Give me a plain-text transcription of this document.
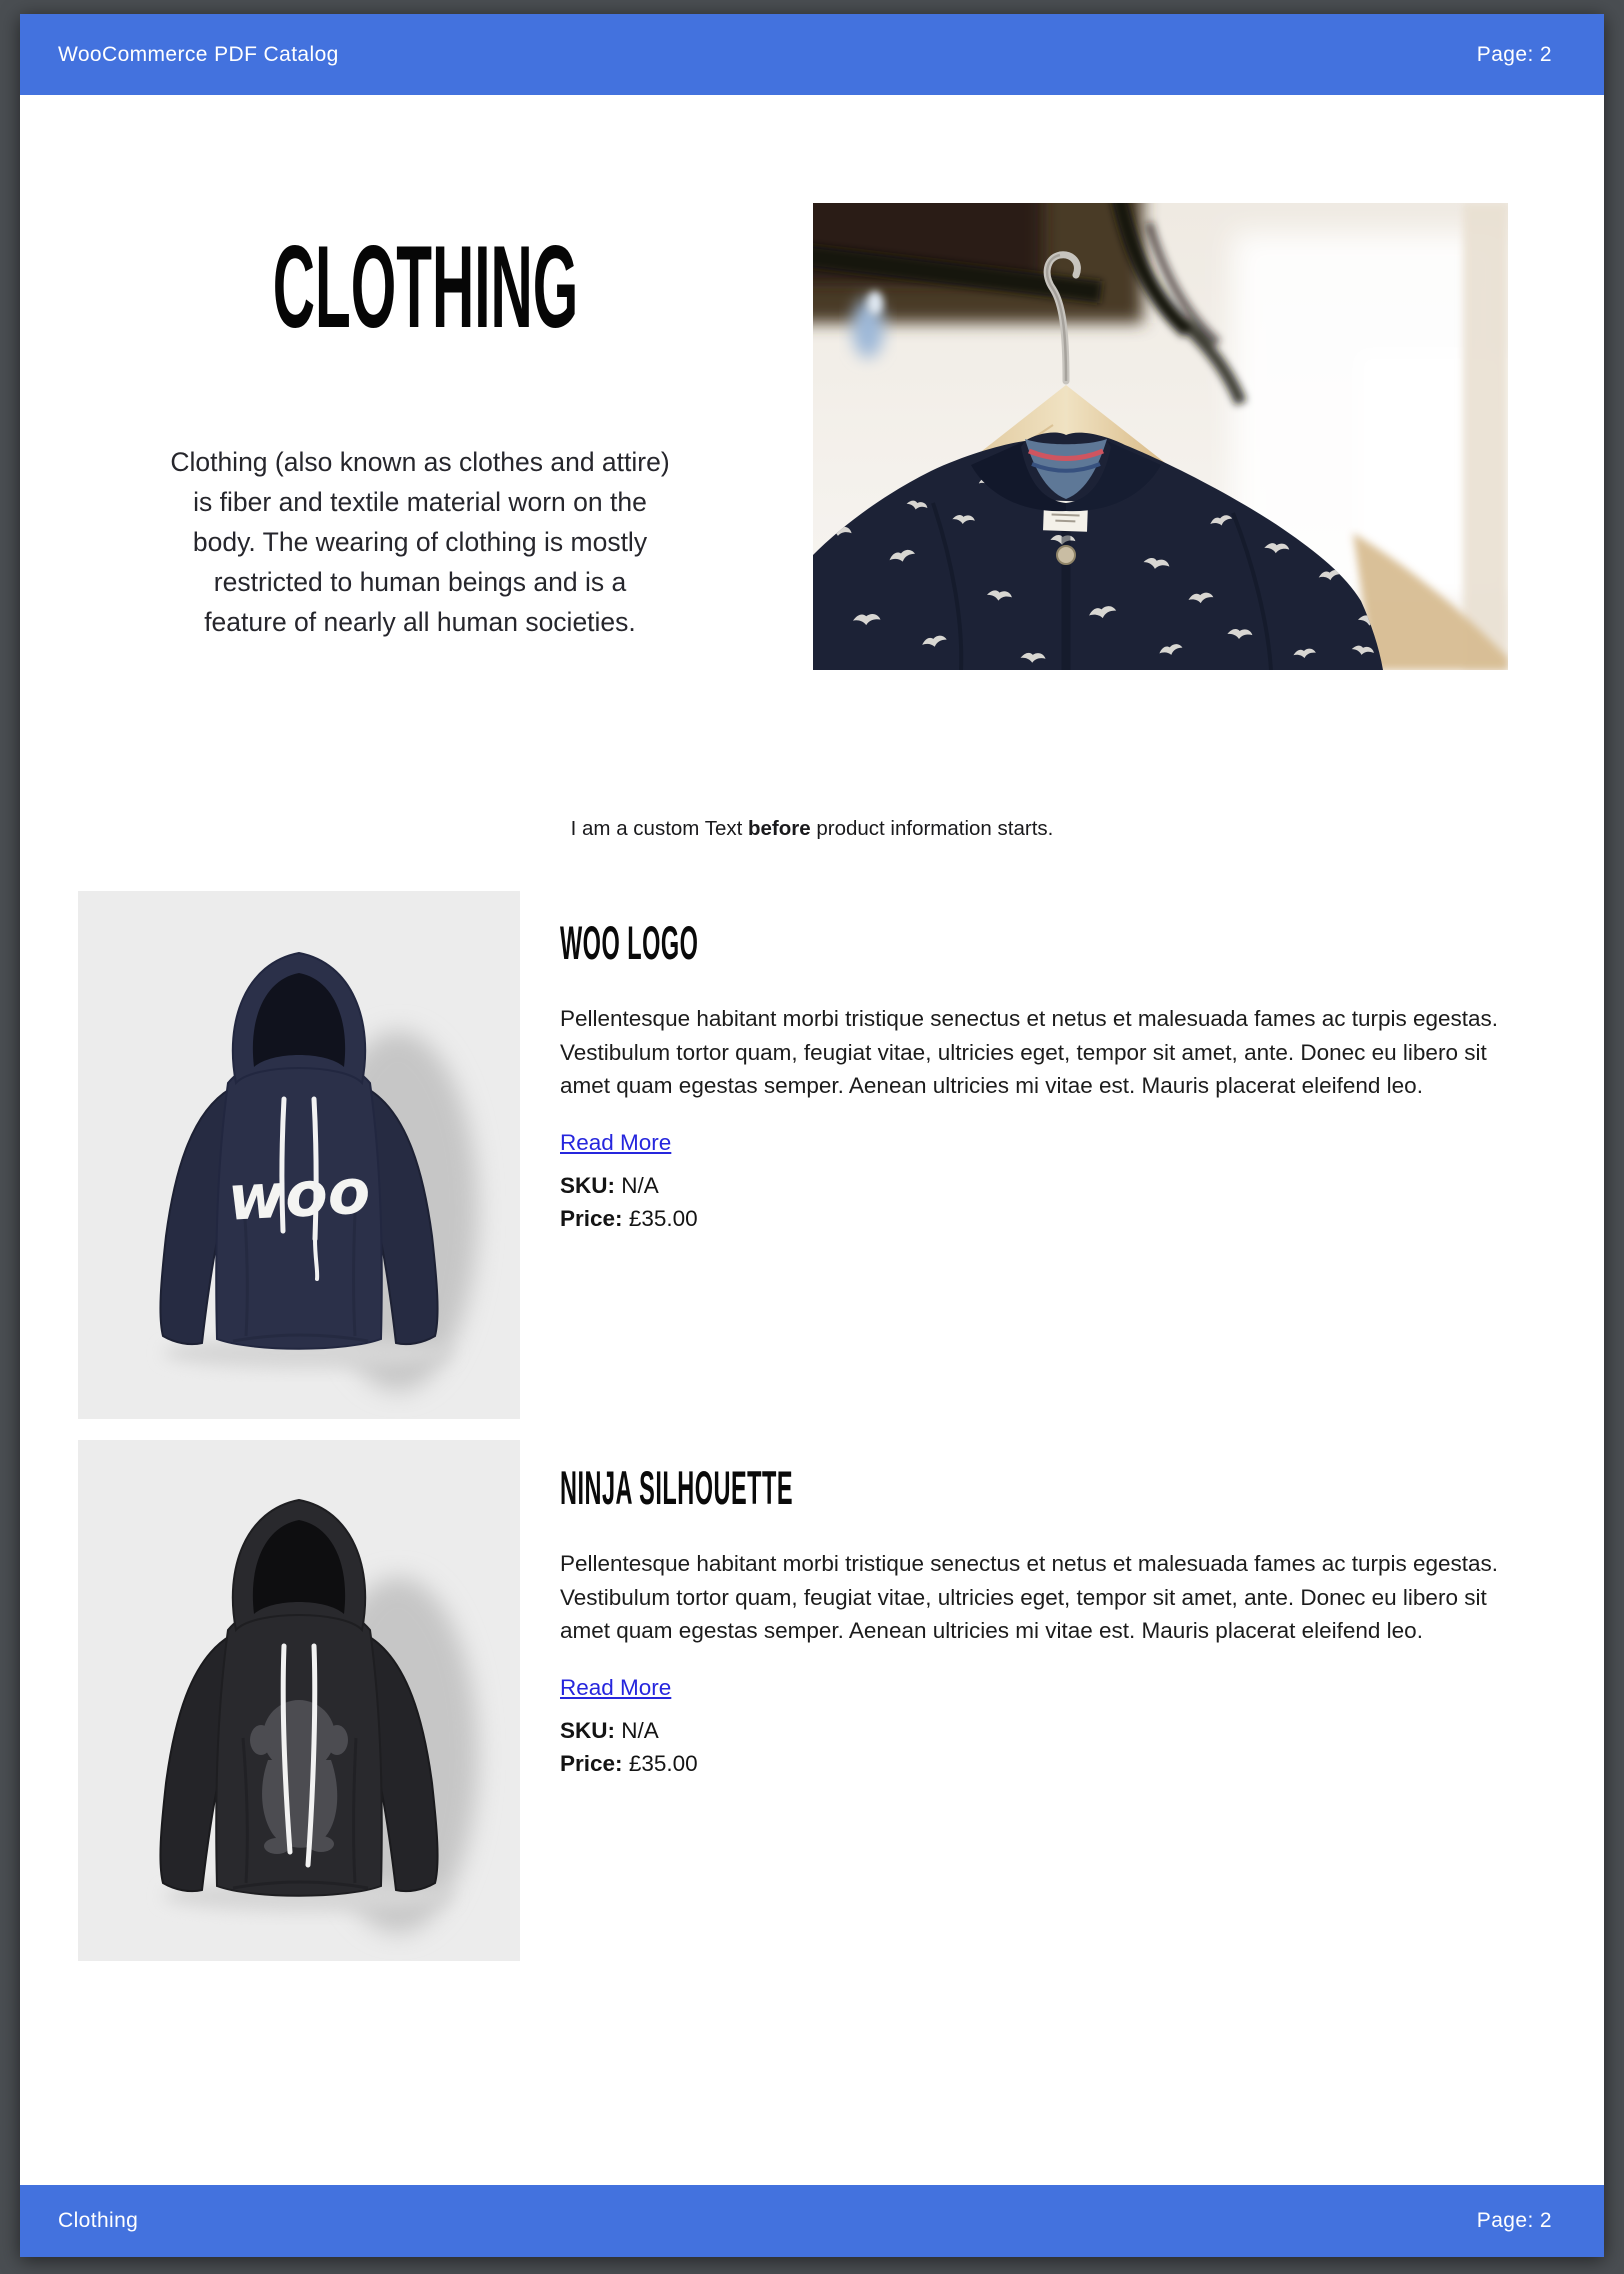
WooCommerce PDF Catalog	Page: 2
CLOTHING
Clothing (also known as clothes and attire)
is fiber and textile material worn on the
body. The wearing of clothing is mostly
restricted to human beings and is a
feature of nearly all human societies.
I am a custom Text before product information starts.
woo
WOO LOGO

Pellentesque habitant morbi tristique senectus et netus et malesuada fames ac turpis egestas. Vestibulum tortor quam, feugiat vitae, ultricies eget, tempor sit amet, ante. Donec eu libero sit amet quam egestas semper. Aenean ultricies mi vitae est. Mauris placerat eleifend leo.

Read More
SKU: N/A
Price: £35.00
NINJA SILHOUETTE

Pellentesque habitant morbi tristique senectus et netus et malesuada fames ac turpis egestas. Vestibulum tortor quam, feugiat vitae, ultricies eget, tempor sit amet, ante. Donec eu libero sit amet quam egestas semper. Aenean ultricies mi vitae est. Mauris placerat eleifend leo.

Read More
SKU: N/A
Price: £35.00
Clothing	Page: 2
